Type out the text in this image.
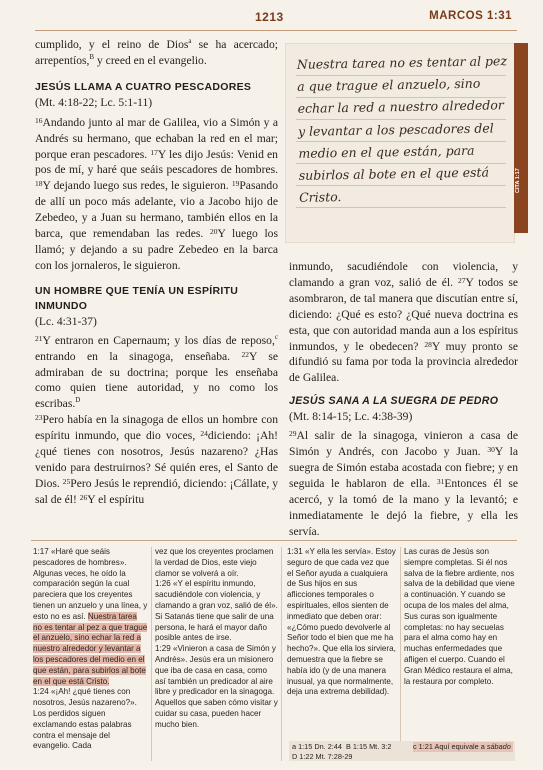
1213	MARCOS 1:31

cumplido, y el reino de Dios$^a$ se ha acercado; arrepentíos,$^B$ y creed en el evangelio.

JESÚS LLAMA A CUATRO PESCADORES

(Mt. 4:18-22; Lc. 5:1-11)

$^{16}$Andando junto al mar de Galilea, vio a Simón y a Andrés su hermano, que echaban la red en el mar; porque eran pescadores. $^{17}$Y les dijo Jesús: Venid en pos de mí, y haré que seáis pescadores de hombres. $^{18}$Y dejando luego sus redes, le siguieron. $^{19}$Pasando de allí un poco más adelante, vio a Jacobo hijo de Zebedeo, y a Juan su hermano, también ellos en la barca, que remendaban las redes. $^{20}$Y luego los llamó; y dejando a su padre Zebedeo en la barca con los jornaleros, le siguieron.

UN HOMBRE QUE TENÍA UN ESPÍRITU INMUNDO

(Lc. 4:31-37)

$^{21}$Y entraron en Capernaum; y los días de reposo,$^c$ entrando en la sinagoga, enseñaba. $^{22}$Y se admiraban de su doctrina; porque les enseñaba como quien tiene autoridad, y no como los escribas.$^D$
$^{23}$Pero había en la sinagoga de ellos un hombre con espíritu inmundo, que dio voces, $^{24}$diciendo: ¡Ah! ¿qué tienes con nosotros, Jesús nazareno? ¿Has venido para destruirnos? Sé quién eres, el Santo de Dios. $^{25}$Pero Jesús le reprendió, diciendo: ¡Cállate, y sal de él! $^{26}$Y el espíritu

Nuestra tarea no es tentar al pez a que trague el anzuelo, sino echar la red a nuestro alrededor y levantar a los pescadores del medio en el que están, para subirlos al bote en el que está Cristo.
CITA 1:17

inmundo, sacudiéndole con violencia, y clamando a gran voz, salió de él. $^{27}$Y todos se asombraron, de tal manera que discutían entre sí, diciendo: ¿Qué es esto? ¿Qué nueva doctrina es esta, que con autoridad manda aun a los espíritus inmundos, y le obedecen? $^{28}$Y muy pronto se difundió su fama por toda la provincia alrededor de Galilea.

JESÚS SANA A LA SUEGRA DE PEDRO

(Mt. 8:14-15; Lc. 4:38-39)

$^{29}$Al salir de la sinagoga, vinieron a casa de Simón y Andrés, con Jacobo y Juan. $^{30}$Y la suegra de Simón estaba acostada con fiebre; y en seguida le hablaron de ella. $^{31}$Entonces él se acercó, y la tomó de la mano y la levantó; e inmediatamente le dejó la fiebre, y ella les servía.

1:17 «Haré que seáis pescadores de hombres». Algunas veces, he oído la comparación según la cual pareciera que los creyentes tienen un anzuelo y una línea, y esto no es así. Nuestra tarea no es tentar al pez a que trague el anzuelo, sino echar la red a nuestro alrededor y levantar a los pescadores del medio en el que están, para subirlos al bote en el que está Cristo.

1:24 «¡Ah! ¿qué tienes con nosotros, Jesús nazareno?». Los perdidos siguen exclamando estas palabras contra el mensaje del evangelio. Cada

vez que los creyentes proclamen la verdad de Dios, este viejo clamor se volverá a oír.

1:26 «Y el espíritu inmundo, sacudiéndole con violencia, y clamando a gran voz, salió de él». Si Satanás tiene que salir de una persona, le hará el mayor daño posible antes de irse.

1:29 «Vinieron a casa de Simón y Andrés». Jesús era un misionero que iba de casa en casa, como así también un predicador al aire libre y predicador en la sinagoga. Aquellos que saben cómo visitar y cuidar su casa, pueden hacer mucho bien.

1:31 «Y ella les servía». Estoy seguro de que cada vez que el Señor ayuda a cualquiera de Sus hijos en sus aflicciones temporales o espirituales, ellos sienten de inmediato que deben orar: «¿Cómo puedo devolverle al Señor todo el bien que me ha hecho?». Que ella los sirviera, demuestra que la fiebre se había ido (y de una manera inusual, ya que normalmente, deja una extrema debilidad).

Las curas de Jesús son siempre completas. Si él nos salva de la fiebre ardiente, nos salva de la debilidad que viene a continuación. Y cuando se ocupa de los males del alma, Sus curas son igualmente completas: no hay secuelas para el alma como hay en muchas enfermedades que afligen el cuerpo. Cuando el Gran Médico restaura el alma, la restaura por completo.

a 1:15 Dn. 2:44 B 1:15 Mt. 3:2
D 1:22 Mt. 7:28-29
c 1:21 Aquí equivale a sábado
